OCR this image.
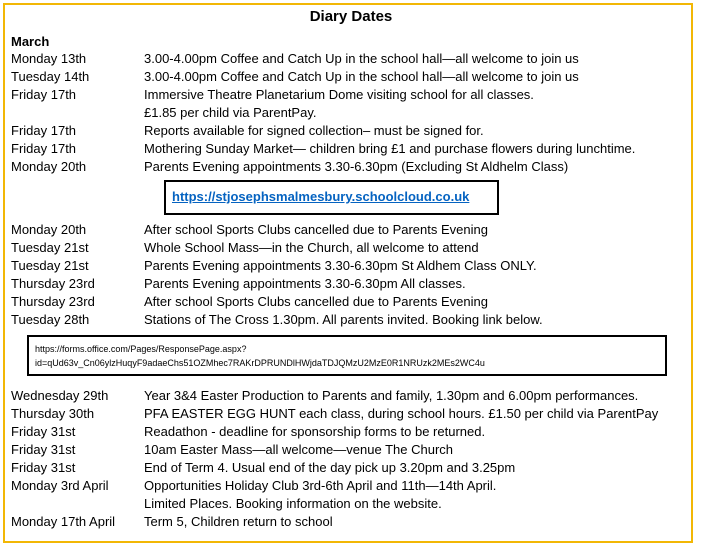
Diary Dates
March
Monday 13th	3.00-4.00pm Coffee and Catch Up in the school hall—all welcome to join us
Tuesday 14th	3.00-4.00pm Coffee and Catch Up in the school hall—all welcome to join us
Friday 17th	Immersive Theatre Planetarium Dome visiting school for all classes.
£1.85 per child via ParentPay.
Friday 17th	Reports available for signed collection– must be signed for.
Friday 17th	Mothering Sunday Market— children bring £1 and purchase flowers during lunchtime.
Monday 20th	Parents Evening appointments 3.30-6.30pm (Excluding St Aldhelm Class)
https://stjosephsmalmesbury.schoolcloud.co.uk
Monday 20th	After school Sports Clubs cancelled due to Parents Evening
Tuesday 21st	Whole School Mass—in the Church, all welcome to attend
Tuesday 21st	Parents Evening appointments 3.30-6.30pm St Aldhem Class ONLY.
Thursday 23rd	Parents Evening appointments 3.30-6.30pm All classes.
Thursday 23rd	After school Sports Clubs cancelled due to Parents Evening
Tuesday 28th	Stations of The Cross 1.30pm. All parents invited. Booking link below.
https://forms.office.com/Pages/ResponsePage.aspx?
id=qUd63v_Cn06ylzHuqyF9adaeChs51OZMhec7RAKrDPRUNDlHWjdaTDJQMzU2MzE0R1NRUzk2MEs2WC4u
Wednesday 29th	Year 3&4 Easter Production to Parents and family, 1.30pm and 6.00pm performances.
Thursday 30th	PFA EASTER EGG HUNT each class, during school hours. £1.50 per child via ParentPay
Friday 31st	Readathon - deadline for sponsorship forms to be returned.
Friday 31st	10am Easter Mass—all welcome—venue The Church
Friday 31st	End of Term 4. Usual end of the day pick up 3.20pm and 3.25pm
Monday 3rd April	Opportunities Holiday Club 3rd-6th April and 11th—14th April.
Limited Places. Booking information on the website.
Monday 17th April	Term 5, Children return to school
